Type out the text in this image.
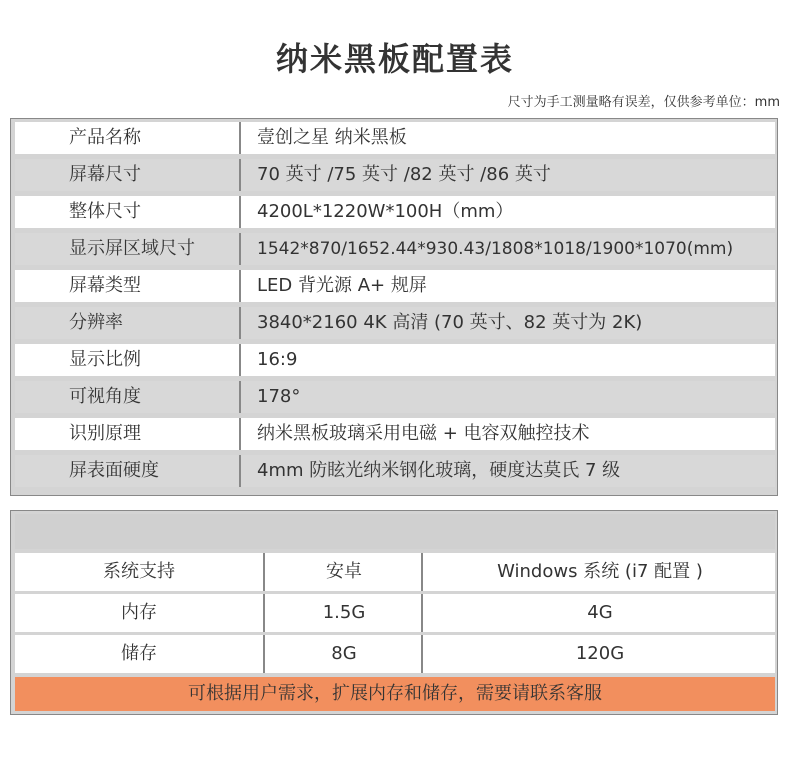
纳米黑板配置表
尺寸为手工测量略有误差，仅供参考单位：mm
产品名称	壹创之星 纳米黑板
屏幕尺寸	70 英寸 /75 英寸 /82 英寸 /86 英寸
整体尺寸	4200L*1220W*100H（mm）
显示屏区域尺寸	1542*870/1652.44*930.43/1808*1018/1900*1070(mm)
屏幕类型	LED 背光源 A+ 规屏
分辨率	3840*2160 4K 高清 (70 英寸、82 英寸为 2K)
显示比例	16:9
可视角度	178°
识别原理	纳米黑板玻璃采用电磁 + 电容双触控技术
屏表面硬度	4mm 防眩光纳米钢化玻璃，硬度达莫氏 7 级
系统支持	安卓	Windows 系统 (i7 配置 )
内存	1.5G	4G
储存	8G	120G
可根据用户需求，扩展内存和储存，需要请联系客服
